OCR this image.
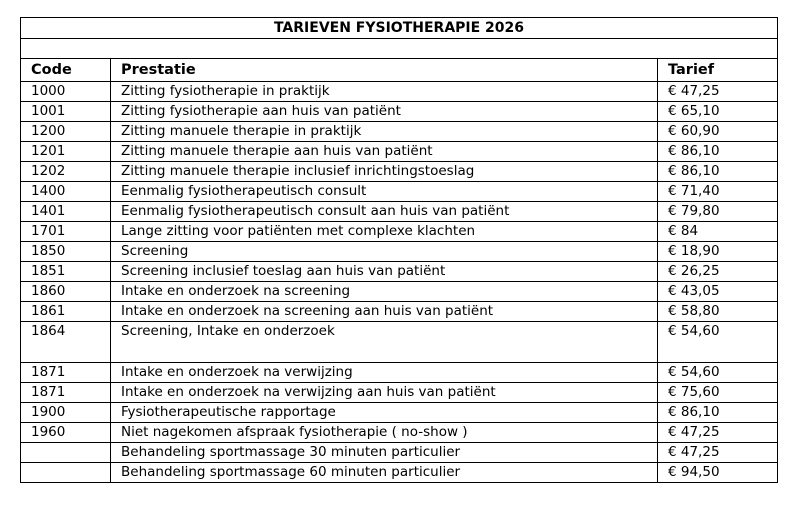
TARIEVEN FYSIOTHERAPIE 2026		

Code	Prestatie	Tarief
1000	Zitting fysiotherapie in praktijk	€ 47,25
1001	Zitting fysiotherapie aan huis van patiënt	€ 65,10
1200	Zitting manuele therapie in praktijk	€ 60,90
1201	Zitting manuele therapie aan huis van patiënt	€ 86,10
1202	Zitting manuele therapie inclusief inrichtingstoeslag	€ 86,10
1400	Eenmalig fysiotherapeutisch consult	€ 71,40
1401	Eenmalig fysiotherapeutisch consult aan huis van patiënt	€ 79,80
1701	Lange zitting voor patiënten met complexe klachten	€ 84
1850	Screening	€ 18,90
1851	Screening inclusief toeslag aan huis van patiënt	€ 26,25
1860	Intake en onderzoek na screening	€ 43,05
1861	Intake en onderzoek na screening aan huis van patiënt	€ 58,80
1864	Screening, Intake en onderzoek	€ 54,60
1871	Intake en onderzoek na verwijzing	€ 54,60
1871	Intake en onderzoek na verwijzing aan huis van patiënt	€ 75,60
1900	Fysiotherapeutische rapportage	€ 86,10
1960	Niet nagekomen afspraak fysiotherapie ( no-show )	€ 47,25
	Behandeling sportmassage 30 minuten particulier	€ 47,25
	Behandeling sportmassage 60 minuten particulier	€ 94,50
